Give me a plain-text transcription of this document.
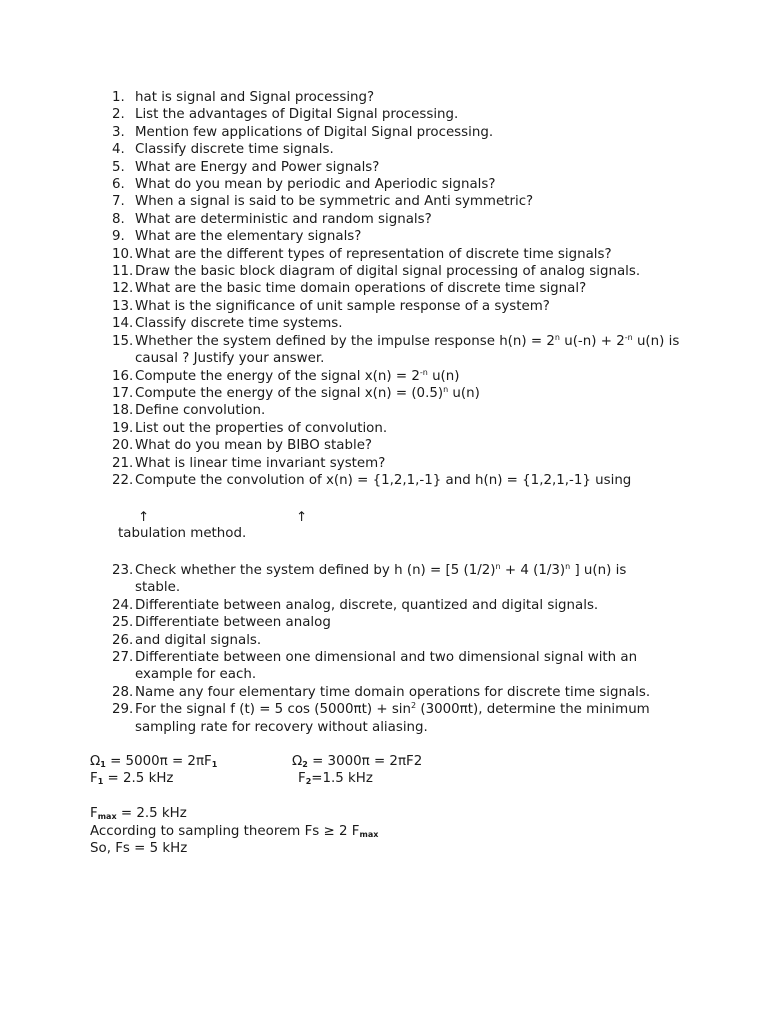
1. hat is signal and Signal processing?
2. List the advantages of Digital Signal processing.
3. Mention few applications of Digital Signal processing.
4. Classify discrete time signals.
5. What are Energy and Power signals?
6. What do you mean by periodic and Aperiodic signals?
7. When a signal is said to be symmetric and Anti symmetric?
8. What are deterministic and random signals?
9. What are the elementary signals?
10. What are the different types of representation of discrete time signals?
11. Draw the basic block diagram of digital signal processing of analog signals.
12. What are the basic time domain operations of discrete time signal?
13. What is the significance of unit sample response of a system?
14. Classify discrete time systems.
15. Whether the system defined by the impulse response $h(n) = 2^n$ $u(-n) + 2^{-n}$ u(n) is
causal ? Justify your answer.
16. Compute the energy of the signal $x(n) = 2^{-n}$ u(n)
17. Compute the energy of the signal $x(n) = (0.5)^n$ u(n)
18. Define convolution.
19. List out the properties of convolution.
20. What do you mean by BIBO stable?
21. What is linear time invariant system?
22. Compute the convolution of x(n) = {1,2,1,-1} and h(n) = {1,2,1,-1} using
↑	↑
tabulation method.
23. Check whether the system defined by h (n) = [5 $(1/2)^n + 4$ $(1/3)^n$ ] u(n) is
stable.
24. Differentiate between analog, discrete, quantized and digital signals.
25. Differentiate between analog
26. and digital signals.
27. Differentiate between one dimensional and two dimensional signal with an
example for each.
28. Name any four elementary time domain operations for discrete time signals.
29. For the signal f (t) = 5 $\cos (5000\pi t) + \sin^2 (3000\pi t)$, determine the minimum
sampling rate for recovery without aliasing.
$\Omega_1 = 5000\pi = 2\pi F_1$	$\Omega_2 = 3000\pi = 2\pi F2$
$F_1 = 2.5$ kHz	$F_2=1.5$ kHz
$F_{max} = 2.5$ kHz
According to sampling theorem Fs ≥ 2 $F_{max}$
So, Fs = 5 kHz
